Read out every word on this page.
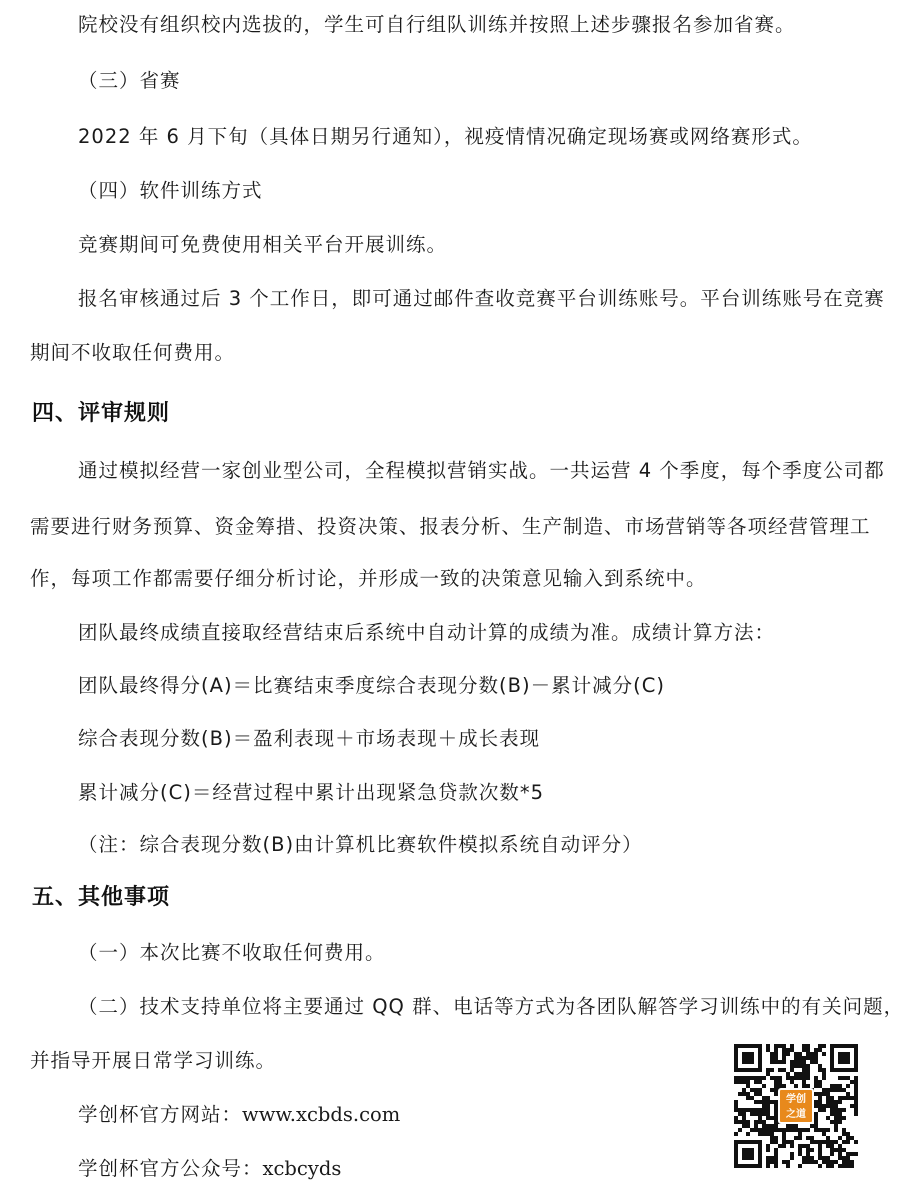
院校没有组织校内选拔的，学生可自行组队训练并按照上述步骤报名参加省赛。
（三）省赛
2022 年 6 月下旬（具体日期另行通知），视疫情情况确定现场赛或网络赛形式。
（四）软件训练方式
竞赛期间可免费使用相关平台开展训练。
报名审核通过后 3 个工作日，即可通过邮件查收竞赛平台训练账号。平台训练账号在竞赛
期间不收取任何费用。
四、评审规则
通过模拟经营一家创业型公司，全程模拟营销实战。一共运营 4 个季度，每个季度公司都
需要进行财务预算、资金筹措、投资决策、报表分析、生产制造、市场营销等各项经营管理工
作，每项工作都需要仔细分析讨论，并形成一致的决策意见输入到系统中。
团队最终成绩直接取经营结束后系统中自动计算的成绩为准。成绩计算方法：
团队最终得分(A)＝比赛结束季度综合表现分数(B)－累计减分(C)
综合表现分数(B)＝盈利表现＋市场表现＋成长表现
累计减分(C)＝经营过程中累计出现紧急贷款次数*5
（注：综合表现分数(B)由计算机比赛软件模拟系统自动评分）
五、其他事项
（一）本次比赛不收取任何费用。
（二）技术支持单位将主要通过 QQ 群、电话等方式为各团队解答学习训练中的有关问题，
并指导开展日常学习训练。
学创杯官方网站：www.xcbds.com
学创杯官方公众号：xcbcyds
学创
之道
